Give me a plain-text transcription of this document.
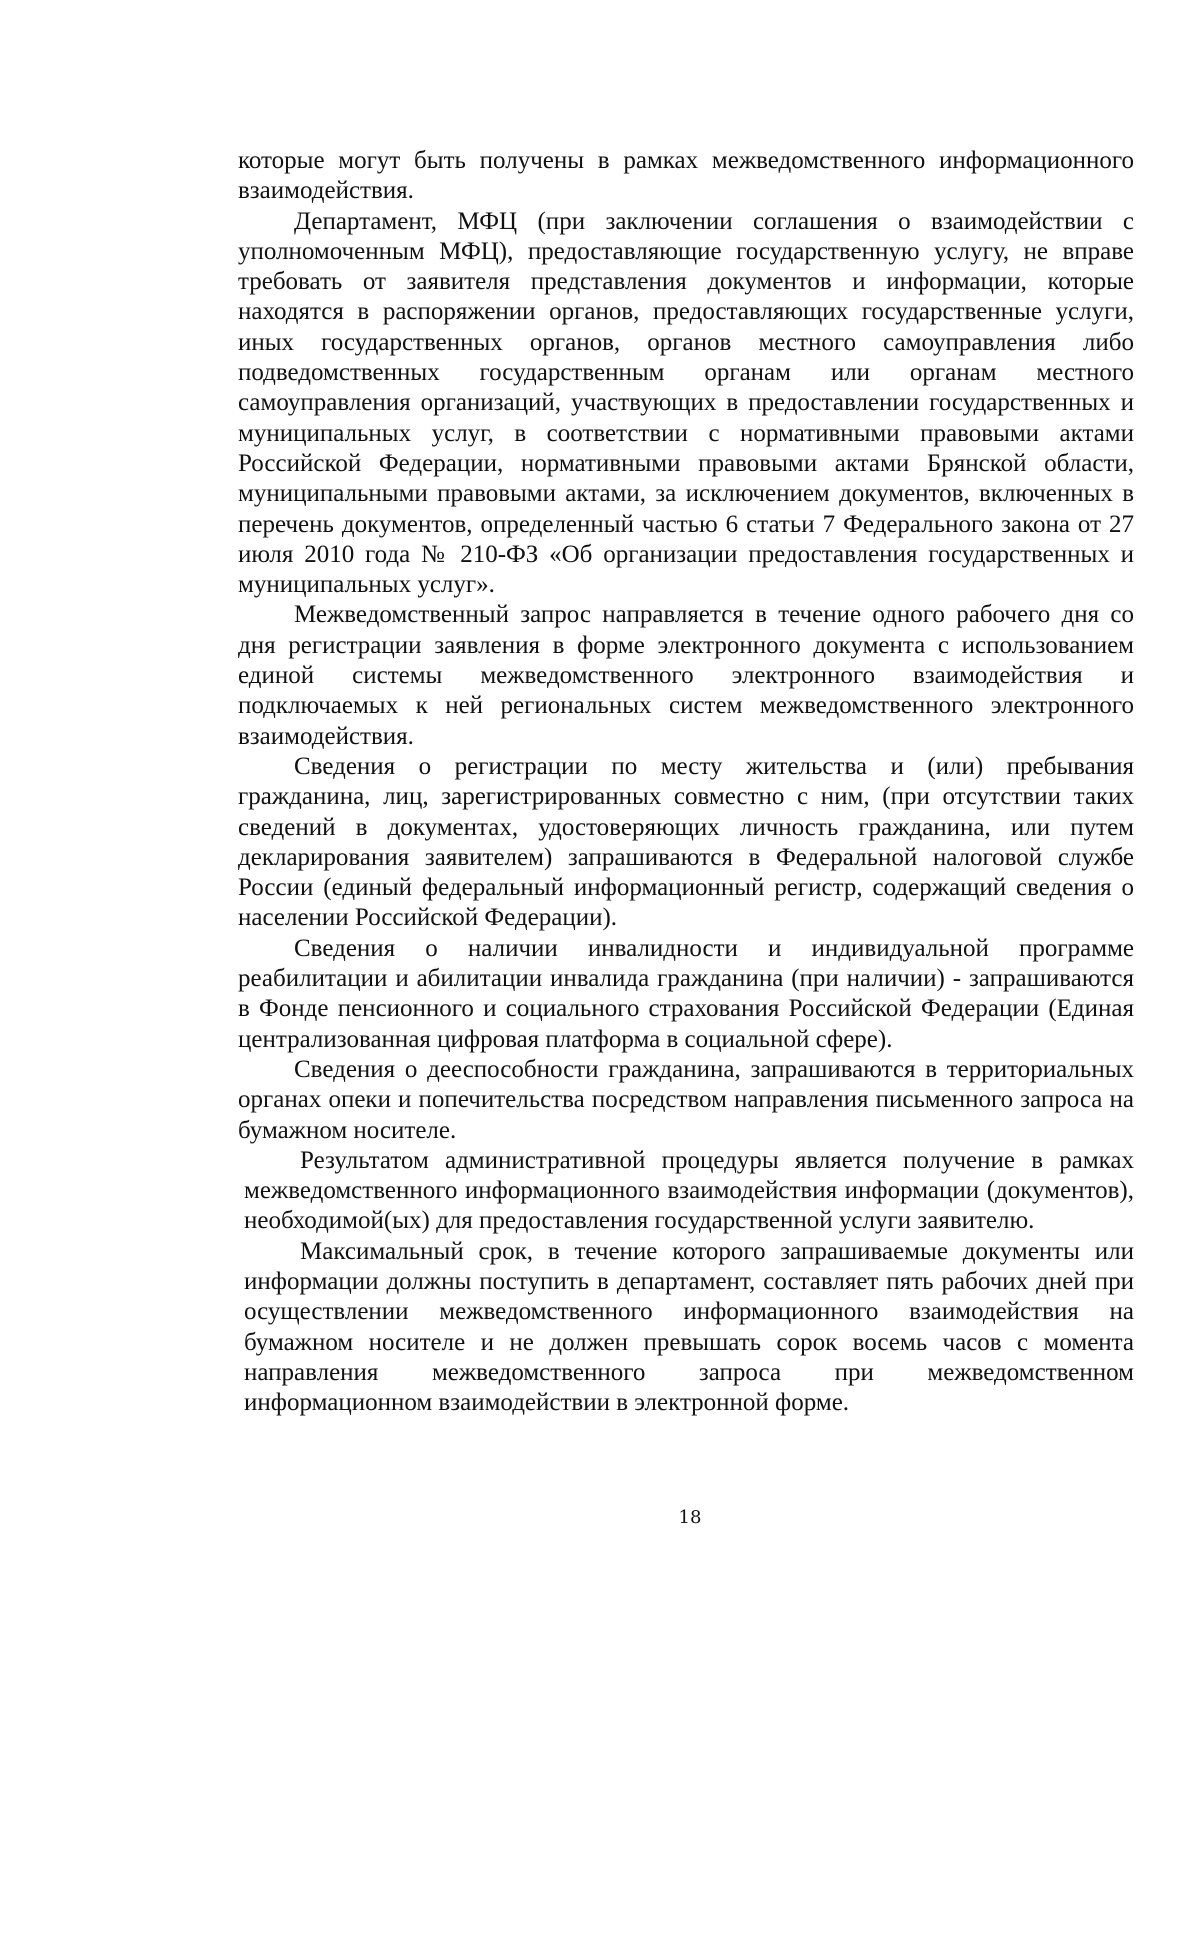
которые могут быть получены в рамках межведомственного информационного взаимодействия.

Департамент, МФЦ (при заключении соглашения о взаимодействии с уполномоченным МФЦ), предоставляющие государственную услугу, не вправе требовать от заявителя представления документов и информации, которые находятся в распоряжении органов, предоставляющих государственные услуги, иных государственных органов, органов местного самоуправления либо подведомственных государственным органам или органам местного самоуправления организаций, участвующих в предоставлении государственных и муниципальных услуг, в соответствии с нормативными правовыми актами Российской Федерации, нормативными правовыми актами Брянской области, муниципальными правовыми актами, за исключением документов, включенных в перечень документов, определенный частью 6 статьи 7 Федерального закона от 27 июля 2010 года № 210-ФЗ «Об организации предоставления государственных и муниципальных услуг».

Межведомственный запрос направляется в течение одного рабочего дня со дня регистрации заявления в форме электронного документа с использованием единой системы межведомственного электронного взаимодействия и подключаемых к ней региональных систем межведомственного электронного взаимодействия.

Сведения о регистрации по месту жительства и (или) пребывания гражданина, лиц, зарегистрированных совместно с ним, (при отсутствии таких сведений в документах, удостоверяющих личность гражданина, или путем декларирования заявителем) запрашиваются в Федеральной налоговой службе России (единый федеральный информационный регистр, содержащий сведения о населении Российской Федерации).

Сведения о наличии инвалидности и индивидуальной программе реабилитации и абилитации инвалида гражданина (при наличии) - запрашиваются в Фонде пенсионного и социального страхования Российской Федерации (Единая централизованная цифровая платформа в социальной сфере).

Сведения о дееспособности гражданина, запрашиваются в территориальных органах опеки и попечительства посредством направления письменного запроса на бумажном носителе.

Результатом административной процедуры является получение в рамках межведомственного информационного взаимодействия информации (документов), необходимой(ых) для предоставления государственной услуги заявителю.

Максимальный срок, в течение которого запрашиваемые документы или информации должны поступить в департамент, составляет пять рабочих дней при осуществлении межведомственного информационного взаимодействия на бумажном носителе и не должен превышать сорок восемь часов с момента направления межведомственного запроса при межведомственном информационном взаимодействии в электронной форме.

18
